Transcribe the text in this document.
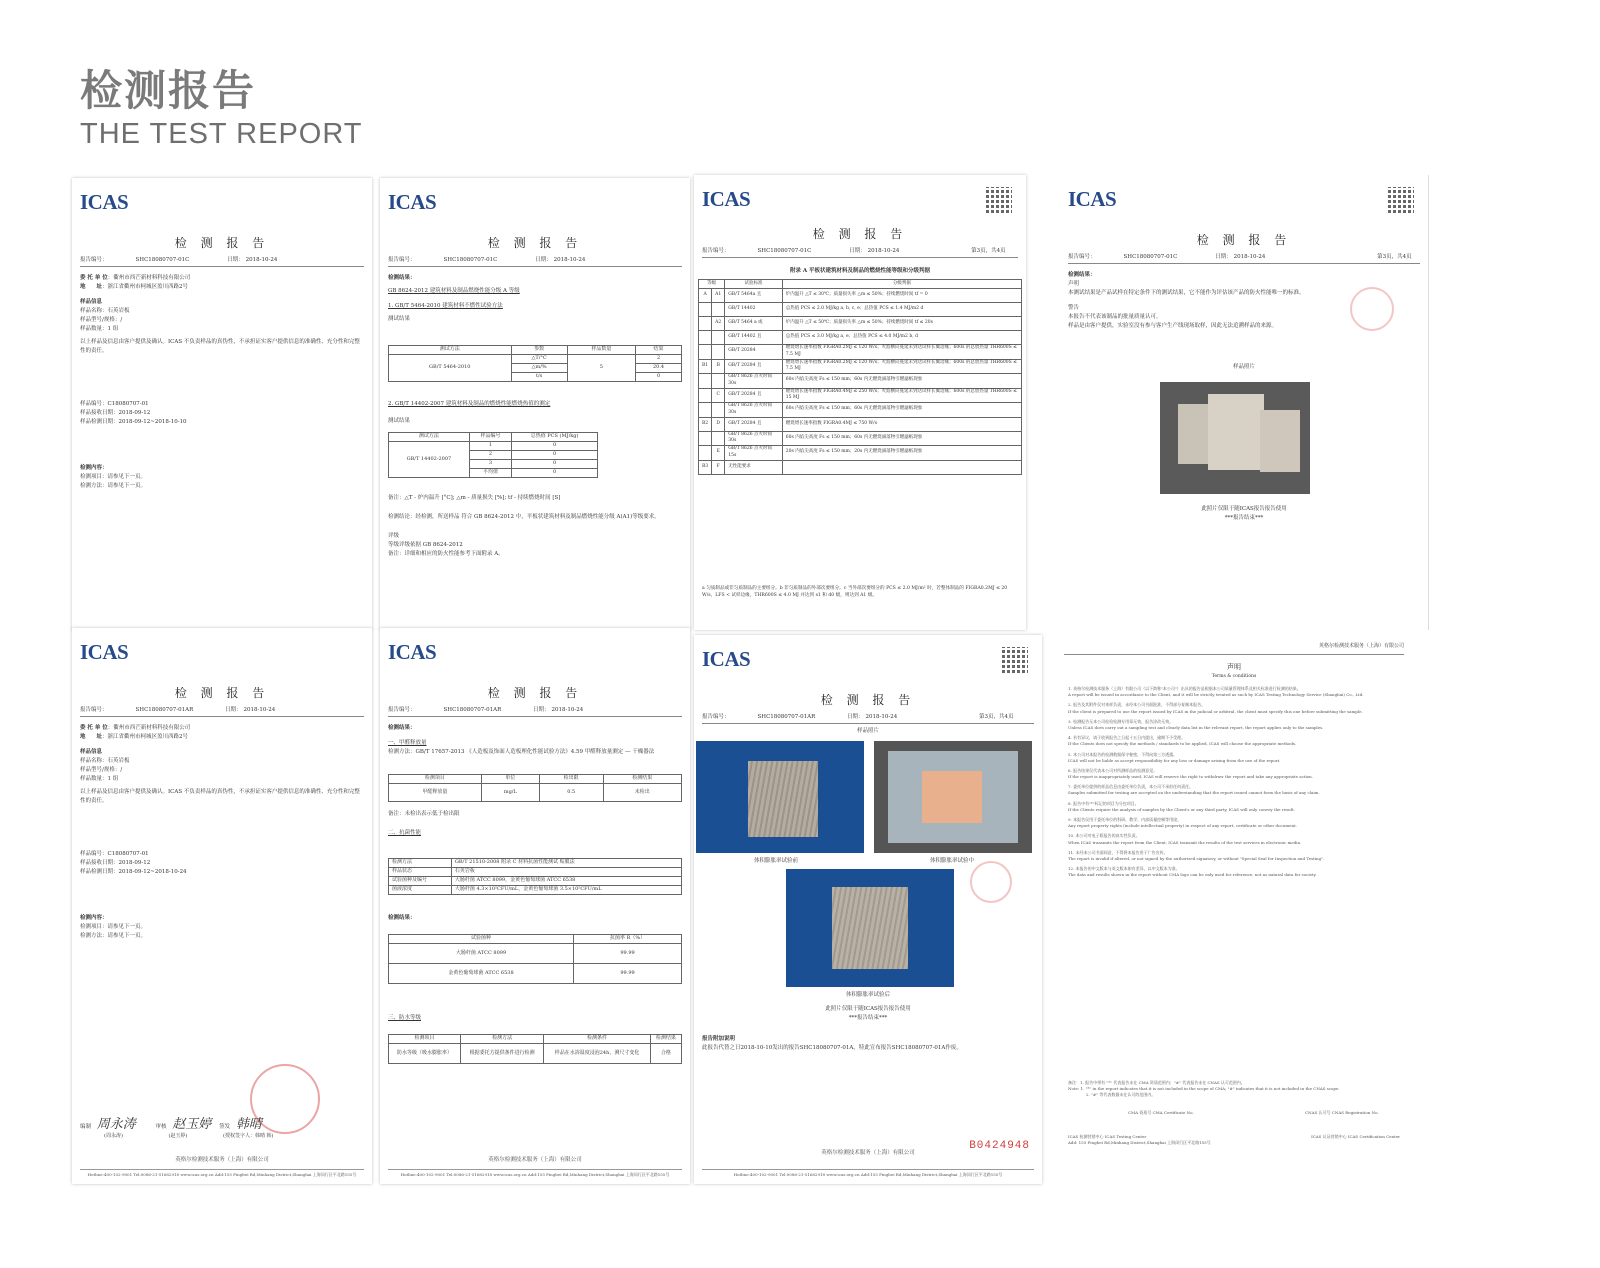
检测报告
THE TEST REPORT
ICAS
检 测 报 告
报告编号：	SHC18080707-01C	日期： 2018-10-24
委 托 单 位：衢州市西芒新材料科技有限公司
地　　址：浙江省衢州市柯城区盈川西路2号
样品信息
样品名称：石英岩板
样品型号/规格：/
样品数量：1 组
以上样品及信息由客户提供及确认。ICAS 不负责样品的真伪性，不承担证实客户提供信息的准确性、充分性和完整性的责任。
样品编号：C18080707-01
样品接收日期：2018-09-12
样品检测日期：2018-09-12~2018-10-10
检测内容：
检测项目：请参见下一页。
检测方法：请参见下一页。
ICAS
检 测 报 告
报告编号：	SHC18080707-01C	日期： 2018-10-24
检测结果：
GB 8624-2012 建筑材料及制品燃烧性能分级 A 等级
1. GB/T 5464-2010 建筑材料不燃性试验方法
测试结果
测试方法	参数	样品数量	结果
GB/T 5464-2010	△T/°C	5	2
	△m/%		20.4
	t/s		0
2. GB/T 14402-2007 建筑材料及制品的燃烧性能燃烧热值的测定
测试结果
测试方法	样品编号	总热值 PCS (MJ/kg)
GB/T 14402-2007	1	0
	2	0
	3	0
	平均值	0
备注：△T - 炉内温升 [°C]; △m - 质量损失 [%]; tf - 持续燃烧时间 [S]
检测结论：经检测，所送样品 符合 GB 8624-2012 中，平板状建筑材料及制品燃烧性能分级 A(A1)等级要求。
评级
等级评级依据 GB 8624-2012
备注：详细和相应的防火性能参考下面附录 A。
ICAS
检 测 报 告
报告编号：	SHC18080707-01C	日期： 2018-10-24	第3页，共4页
附录 A 平板状建筑材料及制品的燃烧性能等级和分级判据
等级		试验标准	分级判据
A	A1	GB/T 5464a 且	炉内温升 △T ≤ 30℃；质量损失率 △m ≤ 50%；持续燃烧时间 tf = 0
		GB/T 14402	总热值 PCS ≤ 2.0 MJ/kg a, b, c, e；总热值 PCS ≤ 1.4 MJ/m2 d
	A2	GB/T 5464 a 或	炉内温升 △T ≤ 50℃；质量损失率 △m ≤ 50%；持续燃烧时间 tf ≤ 20s
		GB/T 14402 且	总热值 PCS ≤ 3.0 MJ/kg a, e；总热值 PCS ≤ 4.0 MJ/m2 b, d
		GB/T 20284	燃烧增长速率指数 FIGRA0.2MJ ≤ 120 W/s；火焰横向蔓延未到达试样长翼边缘；600s 的总放热量 THR600S ≤ 7.5 MJ
B1	B	GB/T 20284 且	燃烧增长速率指数 FIGRA0.2MJ ≤ 120 W/s；火焰横向蔓延未到达试样长翼边缘；600s 的总放热量 THR600S ≤ 7.5 MJ
		GB/T 8626 点火时间 30s	60s 内焰尖高度 Fs ≤ 150 mm；60s 内无燃烧滴落物引燃滤纸现象
	C	GB/T 20284 且	燃烧增长速率指数 FIGRA0.4MJ ≤ 250 W/s；火焰横向蔓延未到达试样长翼边缘；600s 的总放热量 THR600S ≤ 15 MJ
		GB/T 8626 点火时间 30s	60s 内焰尖高度 Fs ≤ 150 mm；60s 内无燃烧滴落物引燃滤纸现象
B2	D	GB/T 20284 且	燃烧增长速率指数 FIGRA0.4MJ ≤ 750 W/s
		GB/T 8626 点火时间 30s	60s 内焰尖高度 Fs ≤ 150 mm；60s 内无燃烧滴落物引燃滤纸现象
	E	GB/T 8626 点火时间 15s	20s 内焰尖高度 Fs ≤ 150 mm；20s 内无燃烧滴落物引燃滤纸现象
B3	F	无性能要求	
a 匀质制品或非匀质制品的主要组分。b 非匀质制品的外部次要组分。c 当外部次要组分的 PCS ≤ 2.0 MJ/m² 时，若整体制品的 FIGRA0.2MJ ≤ 20 W/s，LFS < 试样边缘，THR600S ≤ 4.0 MJ 并达到 s1 和 d0 级，则达到 A1 级。
ICAS
检 测 报 告
报告编号：	SHC18080707-01C	日期： 2018-10-24	第3页，共4页
检测结果：
声明
本测试结果是产品试样在特定条件下的测试结果，它不能作为评估该产品的防火性能唯一的标准。
警告
本报告不代表该制品的批量质量认可。
样品是由客户提供，实验室没有参与客户生产线现场取样，因此无法追溯样品的来源。
样品照片
此照片仅限于随ICAS报告报告使用
***报告结束***
ICAS
检 测 报 告
报告编号：	SHC18080707-01AR	日期： 2018-10-24
委 托 单 位：衢州市西芒新材料科技有限公司
地　　址：浙江省衢州市柯城区盈川西路2号
样品信息
样品名称：石英岩板
样品型号/规格：/
样品数量：1 组
以上样品及信息由客户提供及确认。ICAS 不负责样品的真伪性，不承担证实客户提供信息的准确性、充分性和完整性的责任。
样品编号：C18080707-01
样品接收日期：2018-09-12
样品检测日期：2018-09-12~2018-10-24
检测内容：
检测项目：请参见下一页。
检测方法：请参见下一页。
编制 周永涛	审核 赵玉婷 签发 韩晴
(周永涛)	(赵玉婷)	(授权签字人：韩晴 韩)
英格尔检测技术服务（上海）有限公司
Hotline:400-102-9001 Tel:0086-21-51682918 www.icas.org.cn Add:155 Pingbei Rd,Minhang District,Shanghai 上海闵行区平北路155号
ICAS
检 测 报 告
报告编号：	SHC18080707-01AR	日期： 2018-10-24
检测结果：
一、甲醛释放量
检测方法：GB/T 17657-2013 《人造板及饰面人造板理化性能试验方法》4.59 甲醛释放量测定 — 干燥器法
检测项目	单位	检出限	检测结果
甲醛释放量	mg/L	0.5	未检出
备注：未检出表示低于检出限
二、抗菌性能
检测方法	GB/T 21510-2008 附录 C 材料抗菌性能测试 贴膜法
样品状态	石英岩板
试验菌种及编号	大肠杆菌 ATCC 8099，金黄色葡萄球菌 ATCC 6538
菌液浓度	大肠杆菌 4.3×10⁵CFU/mL，金黄色葡萄球菌 3.5×10⁵CFU/mL
检测结果：
试验菌种	抗菌率 R（%）
大肠杆菌 ATCC 8099	99.99
金黄色葡萄球菌 ATCC 6538	99.99
三、防水等级
检测项目	检测方法	检测条件	检测结果
防水等级（吸水膨胀率）	根据委托方提供条件进行检测	样品在水浴温度浸泡24h，测尺寸变化	合格
英格尔检测技术服务（上海）有限公司
Hotline:400-102-9001 Tel:0086-21-51682918 www.icas.org.cn Add:155 Pingbei Rd,Minhang District,Shanghai 上海闵行区平北路155号
ICAS
检 测 报 告
报告编号：	SHC18080707-01AR	日期： 2018-10-24	第3页，共4页
样品照片
体积膨胀率试验前	体积膨胀率试验中
体积膨胀率试验后
此照片仅限于随ICAS报告报告使用
***报告结束***
报告附加说明
此报告代替之日2018-10-10发出的报告SHC18080707-01A，特此宣布报告SHC18080707-01A作废。
B0424948
英格尔检测技术服务（上海）有限公司
Hotline:400-102-9001 Tel:0086-21-51682918 www.icas.org.cn Add:155 Pingbei Rd,Minhang District,Shanghai 上海闵行区平北路155号
英格尔检测技术服务（上海）有限公司
声明
Terms & conditions
1. 英格尔检测技术服务（上海）有限公司（以下简称"本公司"）出具的报告是根据本公司质量管理体系及相关标准进行检测的结果。
A report will be issued in accordance to the Client, and it will be strictly treated as such by ICAS Testing Technology Service (Shanghai) Co., Ltd.
2. 报告及其附件仅对来样负责，未经本公司书面批准，不得部分复制本报告。
If the client is prepared to use the report issued by ICAS in the judicial or arbitral, the client must specify this one before submitting the sample.
3. 检测报告无本公司检验检测专用章无效，报告涂改无效。
Unless ICAS does carry out a sampling test and clearly data list in the relevant report, the report applies only to the samples.
4. 若有异议，请于收到报告之日起十五日内提出，逾期不予受理。
If the Clients does not specify the methods / standards to be applied, ICAS will choose the appropriate methods.
5. 本公司对本报告的检测数据保守秘密，不得向第三方透露。
ICAS will not be liable as accept responsibility for any loss or damage arising from the use of the report.
6. 报告结果仅代表本公司对所测样品的检测意见。
If the report is inappropriately used, ICAS will reserve the right to withdraw the report and take any appropriate action.
7. 委托单位提供的样品信息由委托单位负责，本公司不承担任何责任。
Samples submitted for testing are accepted on the understanding that the report issued cannot form the basis of any claim.
8. 报告中有"*"标记的项目为分包项目。
If the Clients require the analysis of samples by the Client's or any third party, ICAS will only convey the result.
9. 本报告仅用于委托单位的科研、教学、内部质量控制等用途。
Any report property rights (include intellectual property) in respect of any report, certificate or other document.
10. 本公司对电子版报告的真实性负责。
When ICAS transmits the report from the Client, ICAS transmit the results of the test services in electronic media.
11. 未经本公司书面同意，不得将本报告用于广告宣传。
The report is invalid if altered, or not signed by the authorized signatory, or without "Special Seal for Inspection and Testing".
12. 本报告的中文版本与英文版本如有差异，以中文版本为准。
The data and results shown in the report without CMA logo can be only used for reference, not as natural data for society.
备注：1. 报告中带有 "*" 代表报告未在 CMA 资质范围内；"#" 代表报告未在 CNAS 认可范围内。
Note: 1. "*" in the report indicates that it is not included in the scope of CMA; "#" indicates that it is not included in the CNAS scope.
2. "#" 等代表数据未在认可的范围内。
CMA 资质号 CMA Certificate No.	CNAS 认可号 CNAS Registration No.
ICAS 检测营销中心 ICAS Testing Center	ICAS 认证营销中心 ICAS Certification Center
Add: 155 Pingbei Rd,Minhang District,Shanghai 上海闵行区平北路155号
